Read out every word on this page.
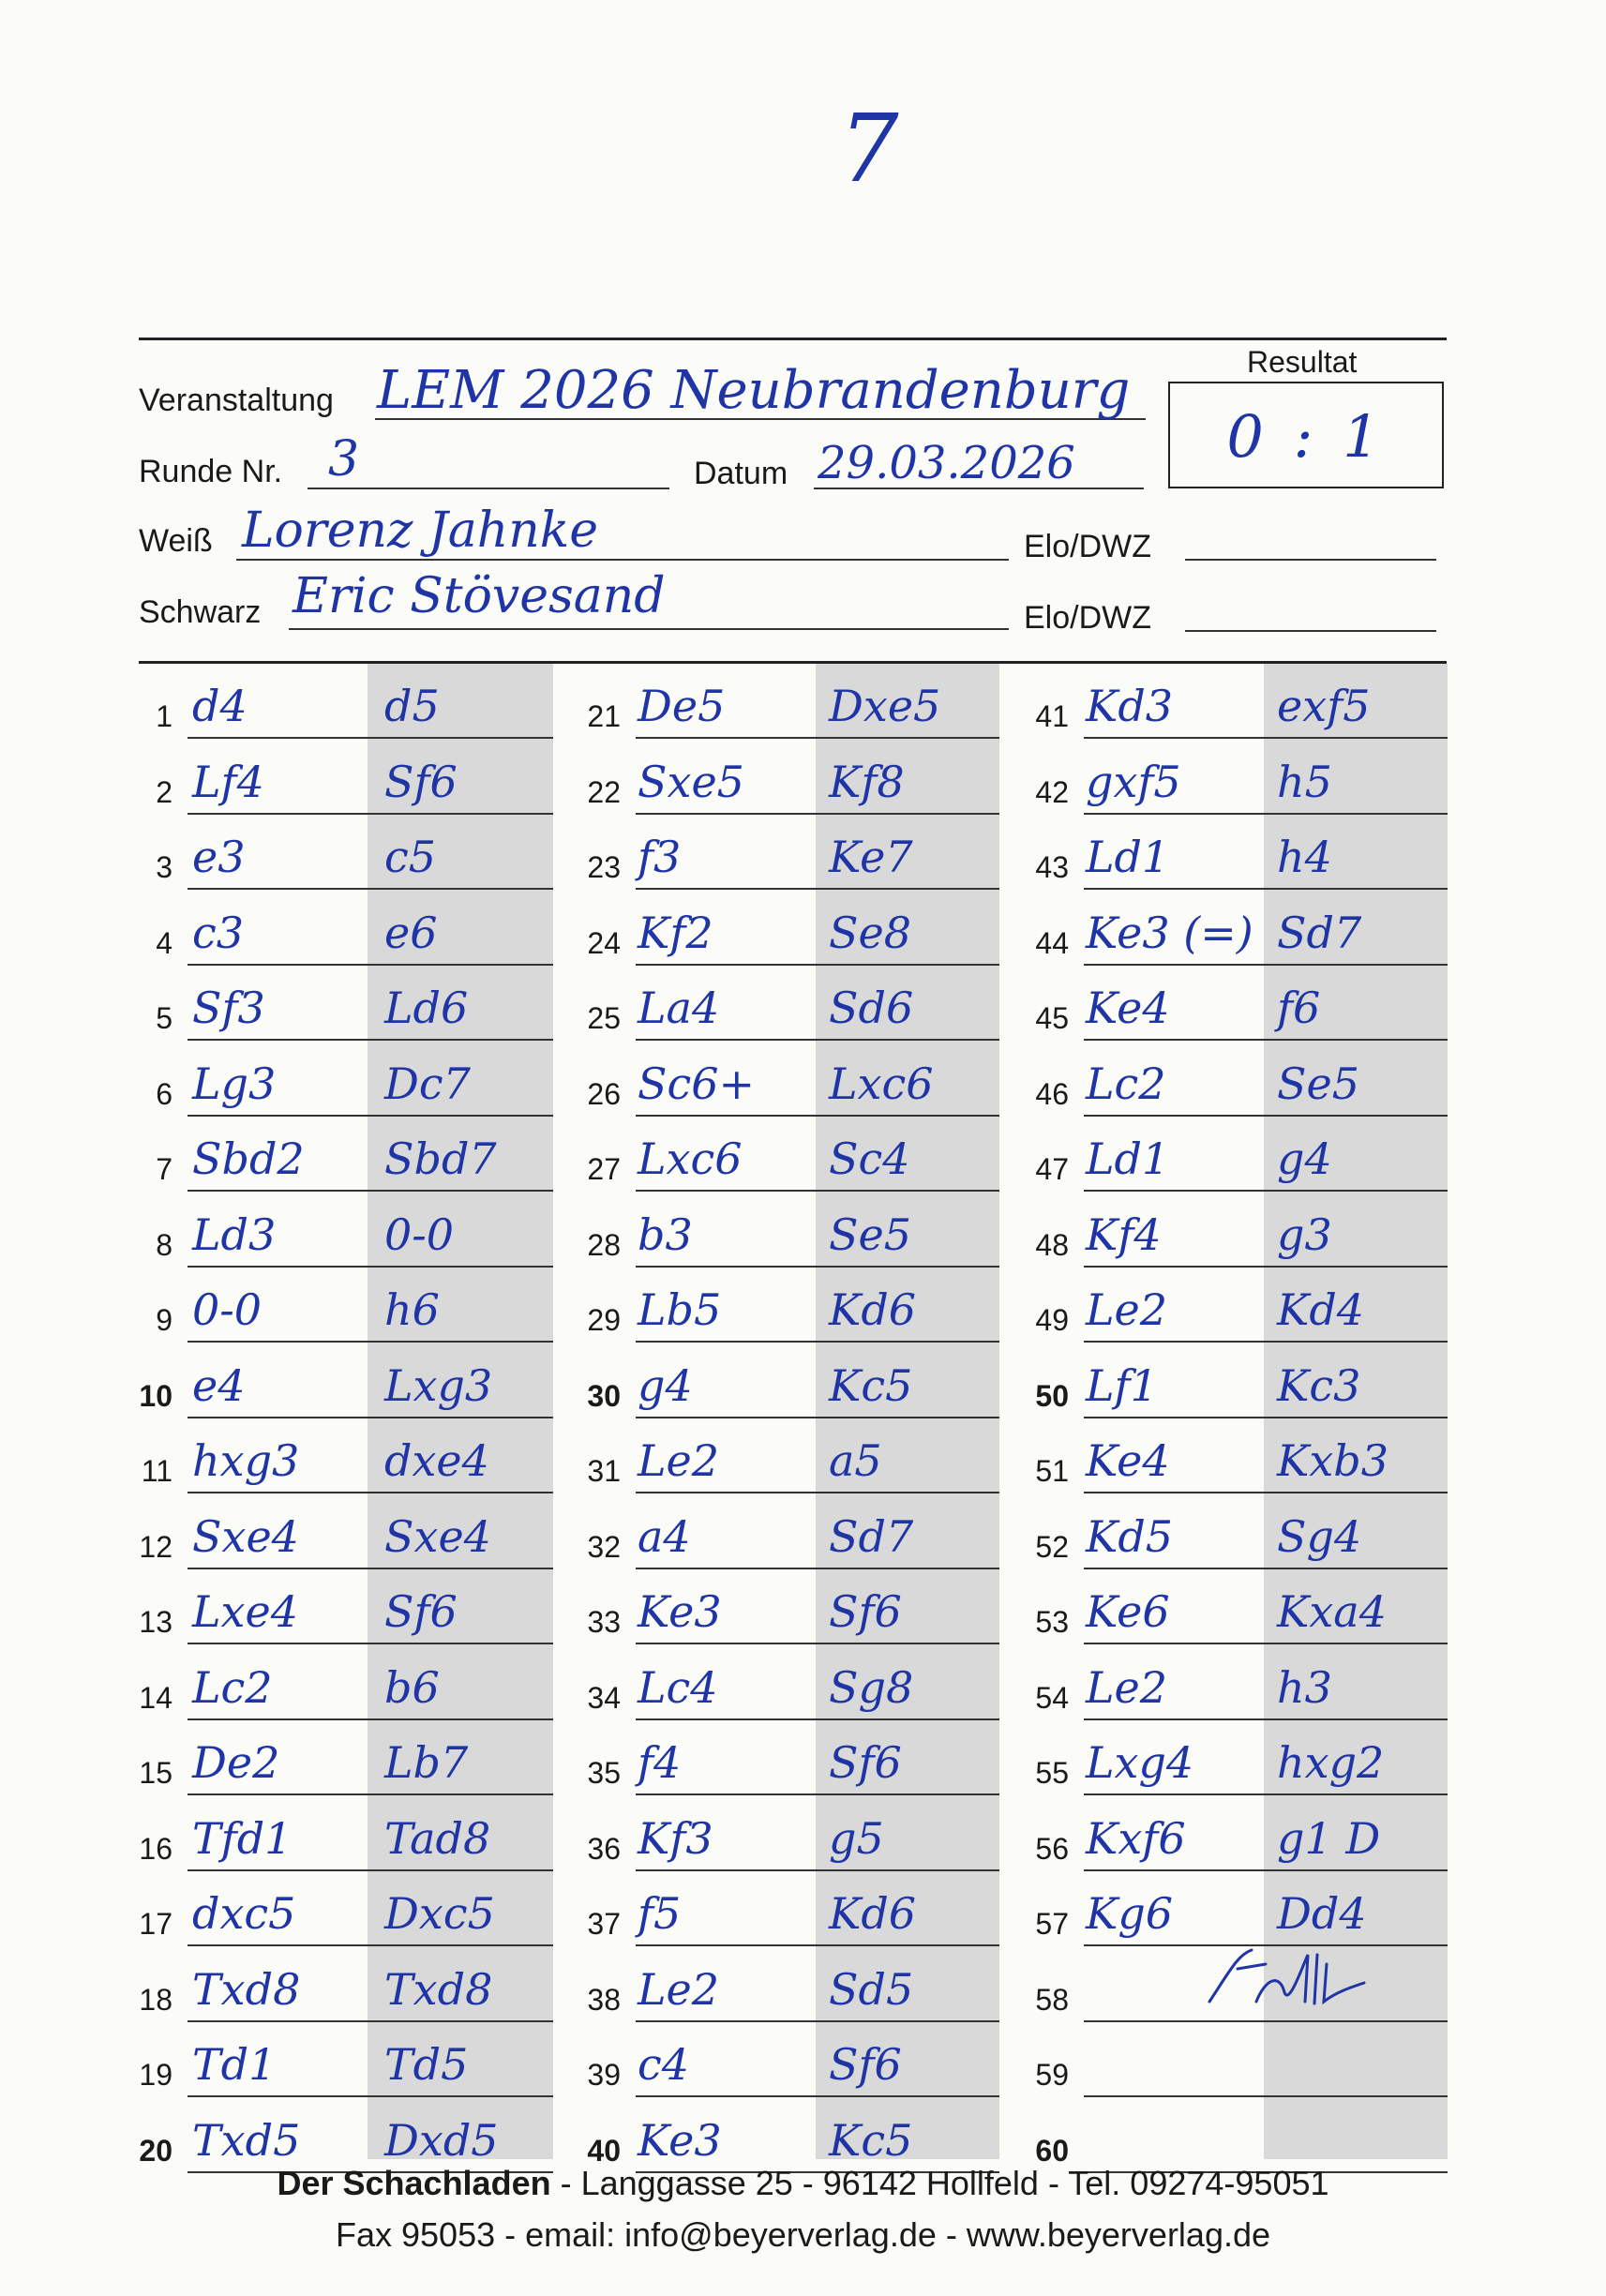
7
Veranstaltung LEM 2026 Neubrandenburg
Runde Nr. 3	Datum 29.03.2026
Weiß Lorenz Jahnke	Elo/DWZ
Schwarz Eric Stövesand	Elo/DWZ
Resultat
0 : 1
1 d4	d5
2 Lf4	Sf6
3 e3	c5
4 c3	e6
5 Sf3	Ld6
6 Lg3	Dc7
7 Sbd2 Sbd7
8 Ld3	0-0
9 0-0	h6
10 e4	Lxg3
11 hxg3 dxe4
12 Sxe4 Sxe4
13 Lxe4 Sf6
14 Lc2	b6
15 De2 Lb7
16 Tfd1 Tad8
17 dxc5 Dxc5
18 Txd8 Txd8
19 Td1	Td5
20 Txd5 Dxd5
21 De5 Dxe5
22 Sxe5 Kf8
23 f3	Ke7
24 Kf2	Se8
25 La4	Sd6
26 Sc6+ Lxc6
27 Lxc6 Sc4
28 b3	Se5
29 Lb5 Kd6
30 g4	Kc5
31 Le2	a5
32 a4	Sd7
33 Ke3 Sf6
34 Lc4	Sg8
35 f4	Sf6
36 Kf3	g5
37 f5	Kd6
38 Le2	Sd5
39 c4	Sf6
40 Ke3 Kc5
41 Kd3 exf5
42 gxf5 h5
43 Ld1 h4
44 Ke3 (=) Sd7
45 Ke4 f6
46 Lc2	Se5
47 Ld1 g4
48 Kf4	g3
49 Le2	Kd4
50 Lf1	Kc3
51 Ke4 Kxb3
52 Kd5 Sg4
53 Ke6 Kxa4
54 Le2	h3
55 Lxg4 hxg2
56 Kxf6 g1 D
57 Kg6 Dd4
58
59
60
Der Schachladen - Langgasse 25 - 96142 Hollfeld - Tel. 09274-95051
Fax 95053 - email: info@beyerverlag.de - www.beyerverlag.de
